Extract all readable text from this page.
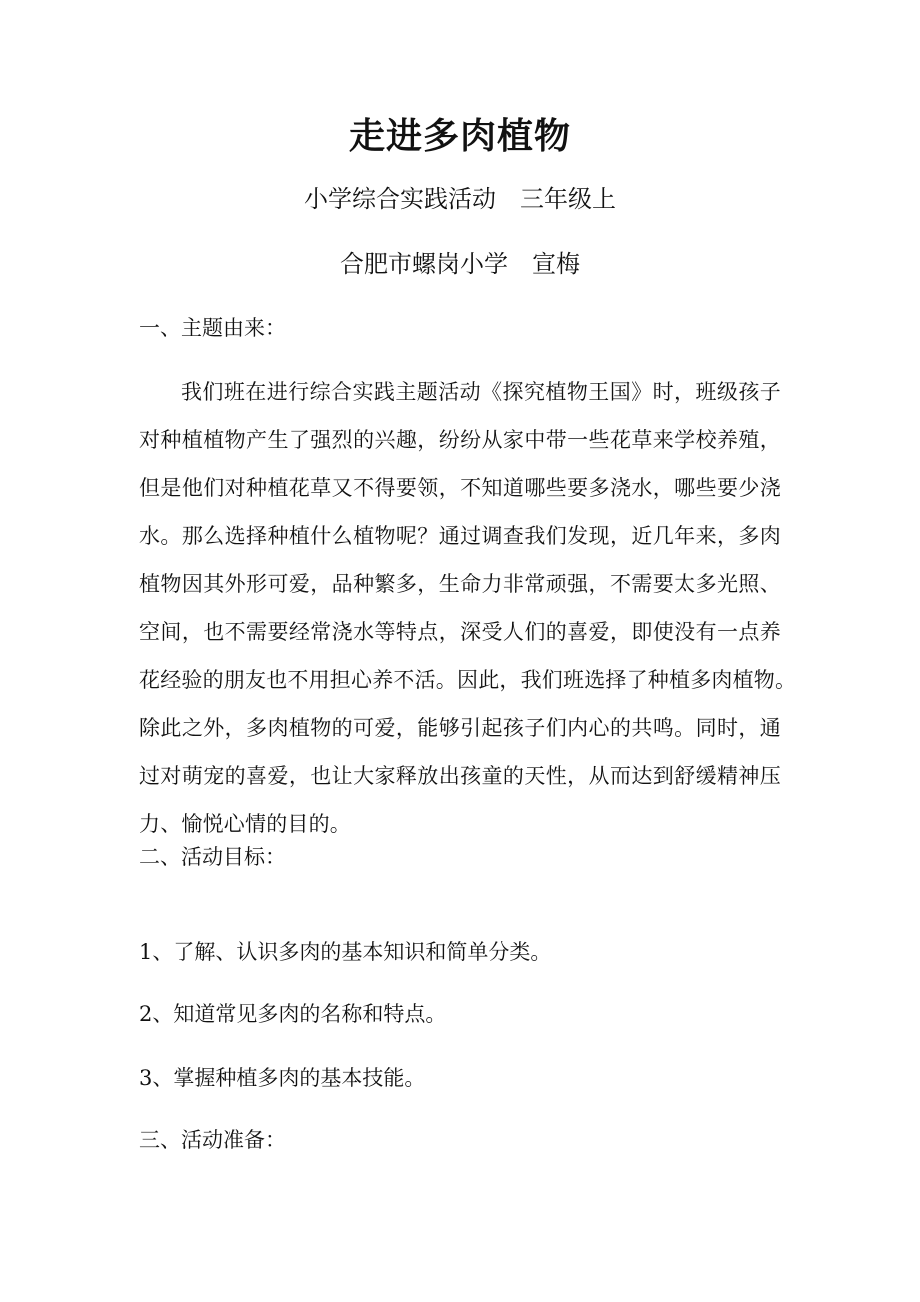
走进多肉植物
小学综合实践活动　三年级上
合肥市螺岗小学　宣梅
一、主题由来：
我们班在进行综合实践主题活动《探究植物王国》时，班级孩子
对种植植物产生了强烈的兴趣，纷纷从家中带一些花草来学校养殖，
但是他们对种植花草又不得要领，不知道哪些要多浇水，哪些要少浇
水。那么选择种植什么植物呢？通过调查我们发现，近几年来，多肉
植物因其外形可爱，品种繁多，生命力非常顽强，不需要太多光照、
空间，也不需要经常浇水等特点，深受人们的喜爱，即使没有一点养
花经验的朋友也不用担心养不活。因此，我们班选择了种植多肉植物。
除此之外，多肉植物的可爱，能够引起孩子们内心的共鸣。同时，通
过对萌宠的喜爱，也让大家释放出孩童的天性，从而达到舒缓精神压
力、愉悦心情的目的。
二、活动目标：
1、了解、认识多肉的基本知识和简单分类。
2、知道常见多肉的名称和特点。
3、掌握种植多肉的基本技能。
三、活动准备：
